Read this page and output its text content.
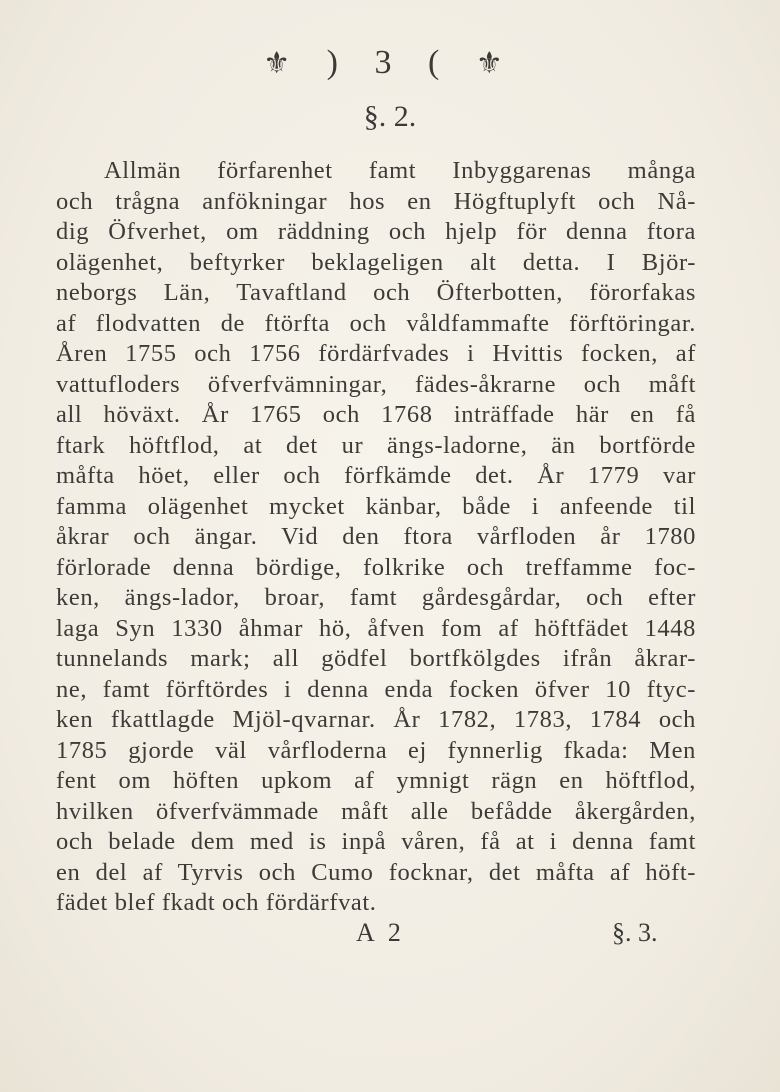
⚜ ) 3 ( ⚜
§. 2.
Allmän förfarenhet famt Inbyggarenas många
och trågna anfökningar hos en Högftuplyft och Nå-
dig Öfverhet, om räddning och hjelp för denna ftora
olägenhet, beftyrker beklageligen alt detta. I Björ-
neborgs Län, Tavaftland och Öfterbotten, förorfakas
af flodvatten de ftörfta och våldfammafte förftöringar.
Åren 1755 och 1756 fördärfvades i Hvittis focken, af
vattufloders öfverfvämningar, fädes-åkrarne och måft
all höväxt. År 1765 och 1768 inträffade här en få
ftark höftflod, at det ur ängs-ladorne, än bortförde
måfta höet, eller och förfkämde det. År 1779 var
famma olägenhet mycket känbar, både i anfeende til
åkrar och ängar. Vid den ftora vårfloden år 1780
förlorade denna bördige, folkrike och treffamme foc-
ken, ängs-lador, broar, famt gårdesgårdar, och efter
laga Syn 1330 åhmar hö, åfven fom af höftfädet 1448
tunnelands mark; all gödfel bortfkölgdes ifrån åkrar-
ne, famt förftördes i denna enda focken öfver 10 ftyc-
ken fkattlagde Mjöl-qvarnar. År 1782, 1783, 1784 och
1785 gjorde väl vårfloderna ej fynnerlig fkada: Men
fent om höften upkom af ymnigt rägn en höftflod,
hvilken öfverfvämmade måft alle befådde åkergården,
och belade dem med is inpå våren, få at i denna famt
en del af Tyrvis och Cumo focknar, det måfta af höft-
fädet blef fkadt och fördärfvat.
A 2	§. 3.
